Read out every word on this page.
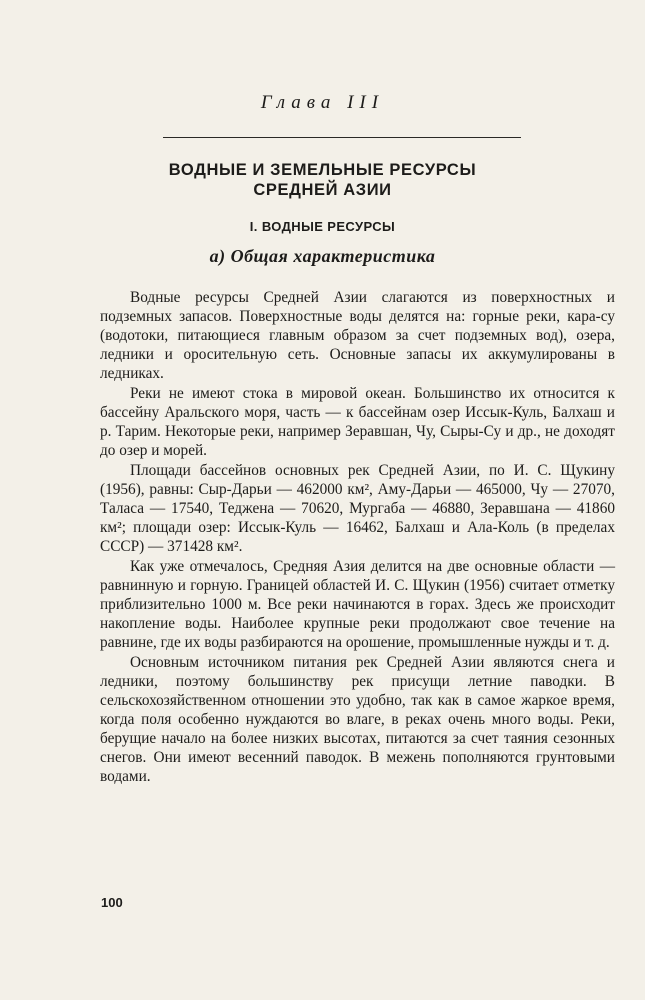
Глава III
ВОДНЫЕ И ЗЕМЕЛЬНЫЕ РЕСУРСЫ
СРЕДНЕЙ АЗИИ
I. ВОДНЫЕ РЕСУРСЫ
а) Общая характеристика

Водные ресурсы Средней Азии слагаются из поверхностных и подземных запасов. Поверхностные воды делятся на: горные реки, кара-су (водотоки, питающиеся главным образом за счет подземных вод), озера, ледники и оросительную сеть. Основные запасы их аккумулированы в ледниках.

Реки не имеют стока в мировой океан. Большинство их относится к бассейну Аральского моря, часть — к бассейнам озер Иссык-Куль, Балхаш и р. Тарим. Некоторые реки, например Зеравшан, Чу, Сыры-Су и др., не доходят до озер и морей.

Площади бассейнов основных рек Средней Азии, по И. С. Щукину (1956), равны: Сыр-Дарьи — 462000 км², Аму-Дарьи — 465000, Чу — 27070, Таласа — 17540, Теджена — 70620, Мургаба — 46880, Зеравшана — 41860 км²; площади озер: Иссык-Куль — 16462, Балхаш и Ала-Коль (в пределах СССР) — 371428 км².

Как уже отмечалось, Средняя Азия делится на две основные области — равнинную и горную. Границей областей И. С. Щукин (1956) считает отметку приблизительно 1000 м. Все реки начинаются в горах. Здесь же происходит накопление воды. Наиболее крупные реки продолжают свое течение на равнине, где их воды разбираются на орошение, промышленные нужды и т. д.

Основным источником питания рек Средней Азии являются снега и ледники, поэтому большинству рек присущи летние паводки. В сельскохозяйственном отношении это удобно, так как в самое жаркое время, когда поля особенно нуждаются во влаге, в реках очень много воды. Реки, берущие начало на более низких высотах, питаются за счет таяния сезонных снегов. Они имеют весенний паводок. В межень пополняются грунтовыми водами.

100
